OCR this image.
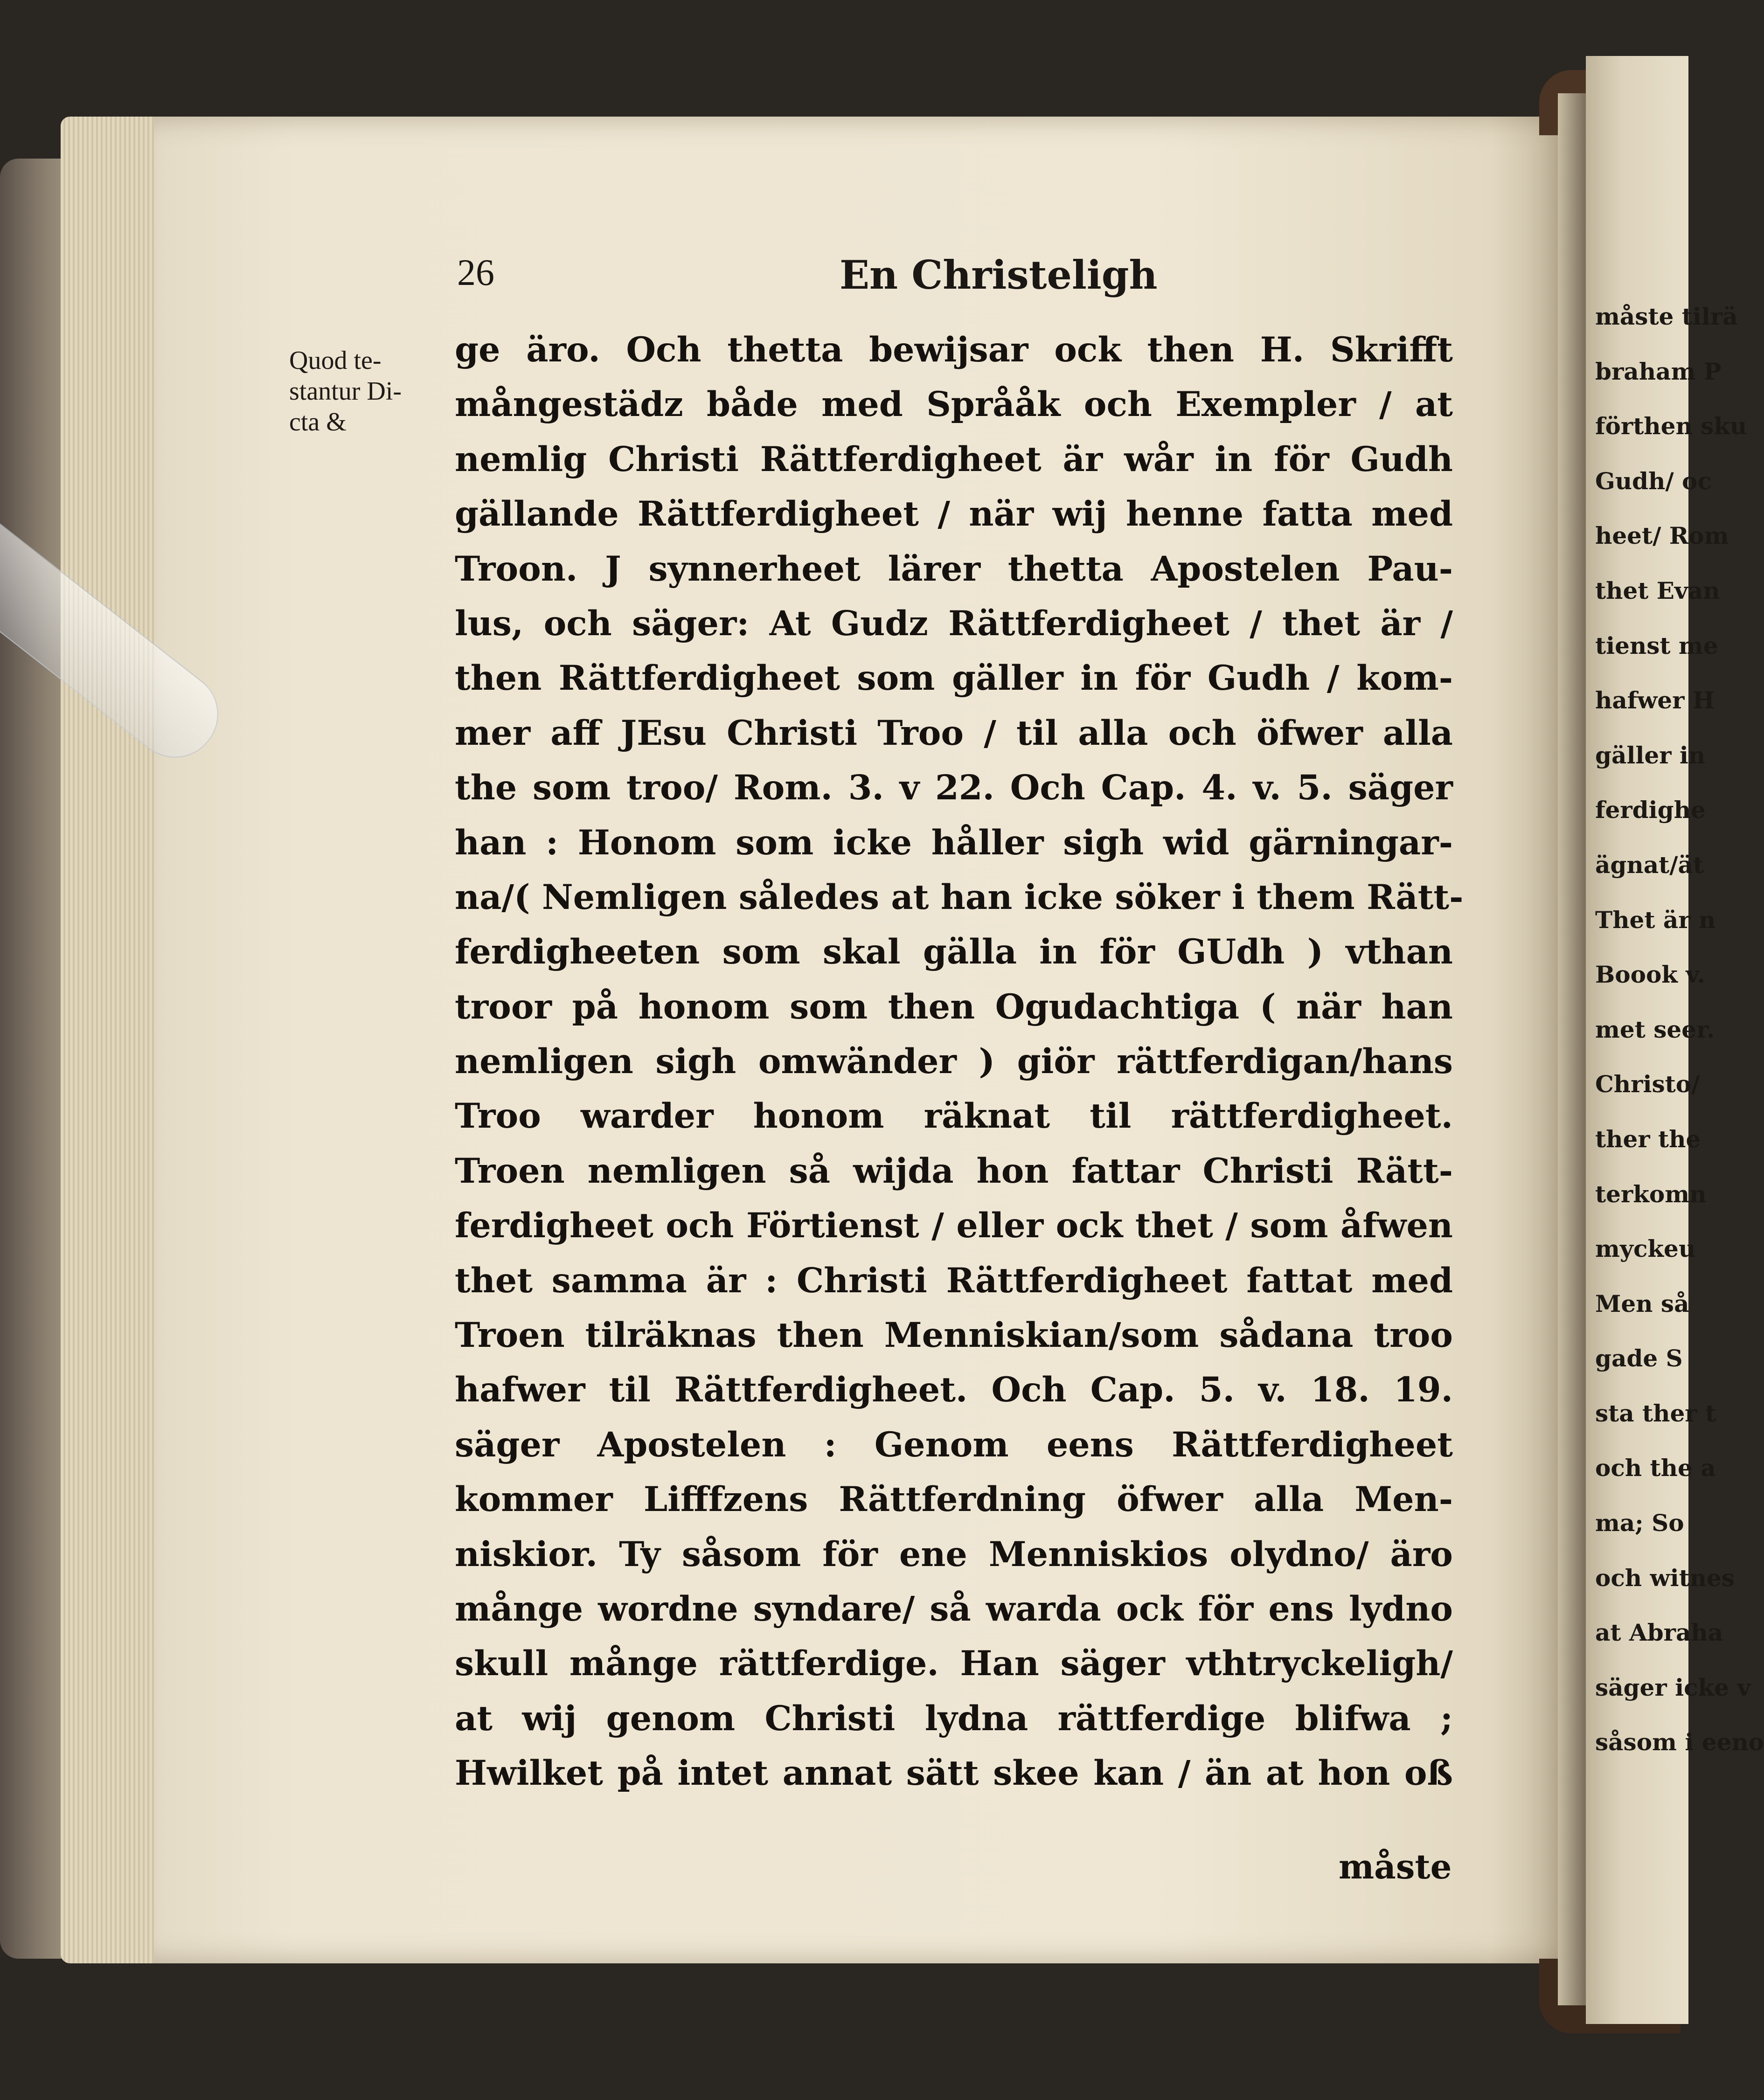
26	En Christeligh
Quod te-
stantur Di-
cta &
ge äro. Och thetta bewijsar ock then H. Skrifft
mångestädz både med Språåk och Exempler / at
nemlig Christi Rättferdigheet är wår in för Gudh
gällande Rättferdigheet / när wij henne fatta med
Troon. J synnerheet lärer thetta Apostelen Pau-
lus, och säger: At Gudz Rättferdigheet / thet är /
then Rättferdigheet som gäller in för Gudh / kom-
mer aff JEsu Christi Troo / til alla och öfwer alla
the som troo/ Rom. 3. v 22. Och Cap. 4. v. 5. säger
han : Honom som icke håller sigh wid gärningar-
na/( Nemligen således at han icke söker i them Rätt-
ferdigheeten som skal gälla in för GUdh ) vthan
troor på honom som then Ogudachtiga ( när han
nemligen sigh omwänder ) giör rättferdigan/hans
Troo warder honom räknat til rättferdigheet.
Troen nemligen så wijda hon fattar Christi Rätt-
ferdigheet och Förtienst / eller ock thet / som åfwen
thet samma är : Christi Rättferdigheet fattat med
Troen tilräknas then Menniskian/som sådana troo
hafwer til Rättferdigheet. Och Cap. 5. v. 18. 19.
säger Apostelen : Genom eens Rättferdigheet
kommer Lifffzens Rättferdning öfwer alla Men-
niskior. Ty såsom för ene Menniskios olydno/ äro
månge wordne syndare/ så warda ock för ens lydno
skull månge rättferdige. Han säger vthtryckeligh/
at wij genom Christi lydna rättferdige blifwa ;
Hwilket på intet annat sätt skee kan / än at hon oß
måste
måste tilrä
braham P
förthen sku
Gudh/ oc
heet/ Rom
thet Evan
tienst me
hafwer H
gäller in
ferdighe
ägnat/ät
Thet är n
Boook v.
met seer.
Christo/
ther the
terkomn
myckeu
Men så
gade S
sta ther t
och the a
ma; So
och witnes
at Abraha
säger icke v
såsom i eeno
